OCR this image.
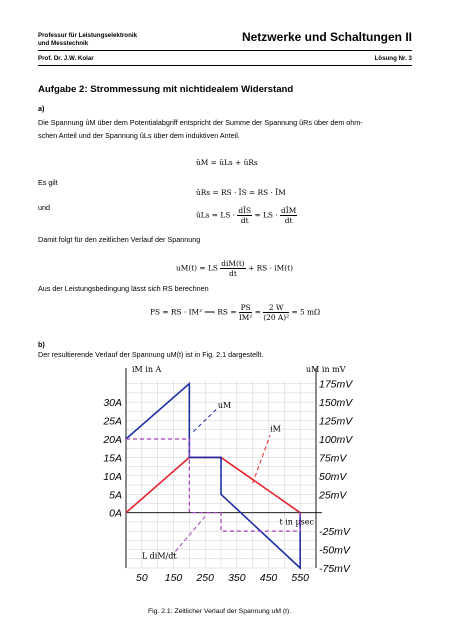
Professur für Leistungselektronik
und Messtechnik	Netzwerke und Schaltungen II
Prof. Dr. J.W. Kolar	Lösung Nr. 3
Aufgabe 2: Strommessung mit nichtidealem Widerstand
a)
Die Spannung ûM über dem Potentialabgriff entspricht der Summe der Spannung ûRs über dem ohm-
schen Anteil und der Spannung ûLs über dem induktiven Anteil.
ûM = ûLs + ûRs
Es gilt
ûRs = RS · ÎS = RS · ÎM
und
ûLs = LS · $\frac{\text{dÎS}}{dt}$ = LS · $\frac{\text{dÎM}}{dt}$
Damit folgt für den zeitlichen Verlauf der Spannung
uM(t) = LS $\frac{\text{diM(t)}}{dt}$ + RS · iM(t)
Aus der Leistungsbedingung lässt sich RS berechnen
PS = RS · IM² ⟹ RS = $\frac{PS}{\text{IM²}} = \frac{2 W}{\text{(20 A)²}} = 5$ mΩ
b)
Der resultierende Verlauf der Spannung uM(t) ist in Fig. 2.1 dargestellt.
30A
25A
20A
15A
10A
5A
0A
175mV
150mV
125mV
100mV
75mV
50mV
25mV
-25mV
-50mV
-75mV
50 150 250 350 450 550
iM in A	uM in mV
t in µsec
uM
iM
L diM/dt
Fig. 2.1: Zeitlicher Verlauf der Spannung uM (t).
